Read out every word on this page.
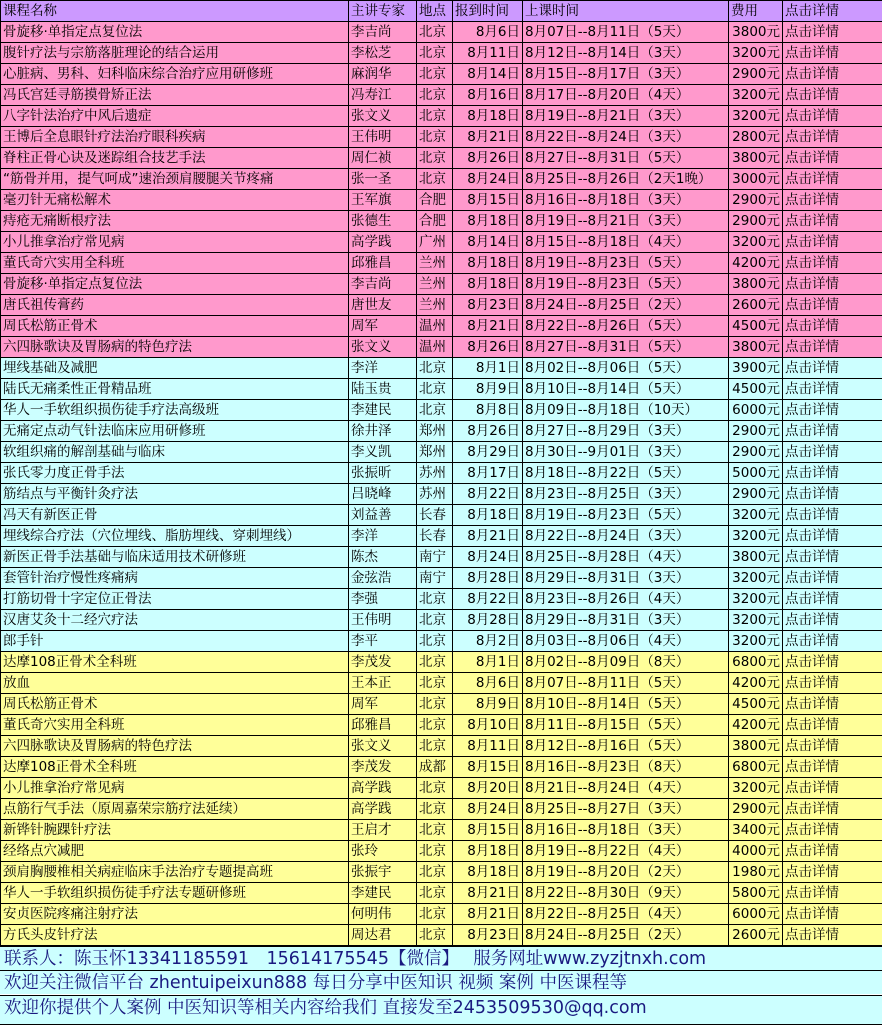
课程名称	主讲专家	地点	报到时间	上课时间	费用	点击详情
骨旋移·单指定点复位法	李吉尚	北京	8月6日	8月07日--8月11日（5天）	3800元	点击详情
腹针疗法与宗筋落脏理论的结合运用	李松芝	北京	8月11日	8月12日--8月14日（3天）	3200元	点击详情
心脏病、男科、妇科临床综合治疗应用研修班	麻润华	北京	8月14日	8月15日--8月17日（3天）	2900元	点击详情
冯氏宫廷寻筋摸骨矫正法	冯寿江	北京	8月16日	8月17日--8月20日（4天）	3200元	点击详情
八字针法治疗中风后遗症	张文义	北京	8月18日	8月19日--8月21日（3天）	3200元	点击详情
王博后全息眼针疗法治疗眼科疾病	王伟明	北京	8月21日	8月22日--8月24日（3天）	2800元	点击详情
脊柱正骨心诀及迷踪组合技艺手法	周仁祯	北京	8月26日	8月27日--8月31日（5天）	3800元	点击详情
“筋骨并用，提气呵成”速治颈肩腰腿关节疼痛	张一圣	北京	8月24日	8月25日--8月26日（2天1晚）	3000元	点击详情
毫刃针无痛松解术	王军旗	合肥	8月15日	8月16日--8月18日（3天）	2900元	点击详情
痔疮无痛断根疗法	张德生	合肥	8月18日	8月19日--8月21日（3天）	2900元	点击详情
小儿推拿治疗常见病	高学践	广州	8月14日	8月15日--8月18日（4天）	3200元	点击详情
董氏奇穴实用全科班	邱雅昌	兰州	8月18日	8月19日--8月23日（5天）	4200元	点击详情
骨旋移·单指定点复位法	李吉尚	兰州	8月18日	8月19日--8月23日（5天）	3800元	点击详情
唐氏祖传膏药	唐世友	兰州	8月23日	8月24日--8月25日（2天）	2600元	点击详情
周氏松筋正骨术	周军	温州	8月21日	8月22日--8月26日（5天）	4500元	点击详情
六四脉歌诀及胃肠病的特色疗法	张文义	温州	8月26日	8月27日--8月31日（5天）	3800元	点击详情
埋线基础及减肥	李洋	北京	8月1日	8月02日--8月06日（5天）	3900元	点击详情
陆氏无痛柔性正骨精品班	陆玉贵	北京	8月9日	8月10日--8月14日（5天）	4500元	点击详情
华人一手软组织损伤徒手疗法高级班	李建民	北京	8月8日	8月09日--8月18日（10天）	6000元	点击详情
无痛定点动气针法临床应用研修班	徐井泽	郑州	8月26日	8月27日--8月29日（3天）	2900元	点击详情
软组织痛的解剖基础与临床	李义凯	郑州	8月29日	8月30日--9月01日（3天）	2900元	点击详情
张氏零力度正骨手法	张振昕	苏州	8月17日	8月18日--8月22日（5天）	5000元	点击详情
筋结点与平衡针灸疗法	吕晓峰	苏州	8月22日	8月23日--8月25日（3天）	2900元	点击详情
冯天有新医正骨	刘益善	长春	8月18日	8月19日--8月23日（5天）	3200元	点击详情
埋线综合疗法（穴位埋线、脂肪埋线、穿刺埋线）	李洋	长春	8月21日	8月22日--8月24日（3天）	3200元	点击详情
新医正骨手法基础与临床适用技术研修班	陈杰	南宁	8月24日	8月25日--8月28日（4天）	3800元	点击详情
套管针治疗慢性疼痛病	金弦浩	南宁	8月28日	8月29日--8月31日（3天）	3200元	点击详情
打筋切骨十字定位正骨法	李强	北京	8月22日	8月23日--8月26日（4天）	3200元	点击详情
汉唐艾灸十二经穴疗法	王伟明	北京	8月28日	8月29日--8月31日（3天）	3200元	点击详情
郎手针	李平	北京	8月2日	8月03日--8月06日（4天）	3200元	点击详情
达摩108正骨术全科班	李茂发	北京	8月1日	8月02日--8月09日（8天）	6800元	点击详情
放血	王本正	北京	8月6日	8月07日--8月11日（5天）	4200元	点击详情
周氏松筋正骨术	周军	北京	8月9日	8月10日--8月14日（5天）	4500元	点击详情
董氏奇穴实用全科班	邱雅昌	北京	8月10日	8月11日--8月15日（5天）	4200元	点击详情
六四脉歌诀及胃肠病的特色疗法	张文义	北京	8月11日	8月12日--8月16日（5天）	3800元	点击详情
达摩108正骨术全科班	李茂发	成都	8月15日	8月16日--8月23日（8天）	6800元	点击详情
小儿推拿治疗常见病	高学践	北京	8月20日	8月21日--8月24日（4天）	3200元	点击详情
点筋行气手法（原周嘉荣宗筋疗法延续）	高学践	北京	8月24日	8月25日--8月27日（3天）	2900元	点击详情
新铧针腕踝针疗法	王启才	北京	8月15日	8月16日--8月18日（3天）	3400元	点击详情
经络点穴减肥	张玲	北京	8月18日	8月19日--8月22日（4天）	4000元	点击详情
颈肩胸腰椎相关病症临床手法治疗专题提高班	张振宇	北京	8月18日	8月19日--8月20日（2天）	1980元	点击详情
华人一手软组织损伤徒手疗法专题研修班	李建民	北京	8月21日	8月22日--8月30日（9天）	5800元	点击详情
安贞医院疼痛注射疗法	何明伟	北京	8月21日	8月22日--8月25日（4天）	6000元	点击详情
方氏头皮针疗法	周达君	北京	8月23日	8月24日--8月25日（2天）	2600元	点击详情
联系人：陈玉怀13341185591　15614175545【微信】　 服务网址www.zyzjtnxh.com
欢迎关注微信平台 zhentuipeixun888 每日分享中医知识 视频 案例 中医课程等
欢迎你提供个人案例 中医知识等相关内容给我们 直接发至2453509530@qq.com
